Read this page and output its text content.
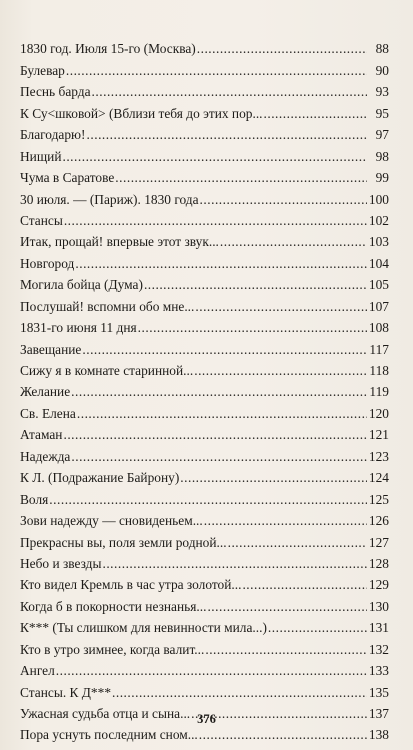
1830 год. Июля 15-го (Москва) .....	88
Булевар .....	90
Песнь барда .....	93
К Су<шковой> (Вблизи тебя до этих пор... .....	95
Благодарю! .....	97
Нищий .....	98
Чума в Саратове .....	99
30 июля. — (Париж). 1830 года .....	100
Стансы .....	102
Итак, прощай! впервые этот звук... .....	103
Новгород .....	104
Могила бойца (Дума) .....	105
Послушай! вспомни обо мне... .....	107
1831-го июня 11 дня .....	108
Завещание .....	117
Сижу я в комнате старинной... .....	118
Желание .....	119
Св. Елена .....	120
Атаман .....	121
Надежда .....	123
К Л. (Подражание Байрону) .....	124
Воля .....	125
Зови надежду — сновиденьем... .....	126
Прекрасны вы, поля земли родной... .....	127
Небо и звезды .....	128
Кто видел Кремль в час утра золотой... .....	129
Когда б в покорности незнанья... .....	130
К*** (Ты слишком для невинности мила...) .....	131
Кто в утро зимнее, когда валит... .....	132
Ангел .....	133
Стансы. К Д*** .....	135
Ужасная судьба отца и сына... .....	137
Пора уснуть последним сном... .....	138
376
